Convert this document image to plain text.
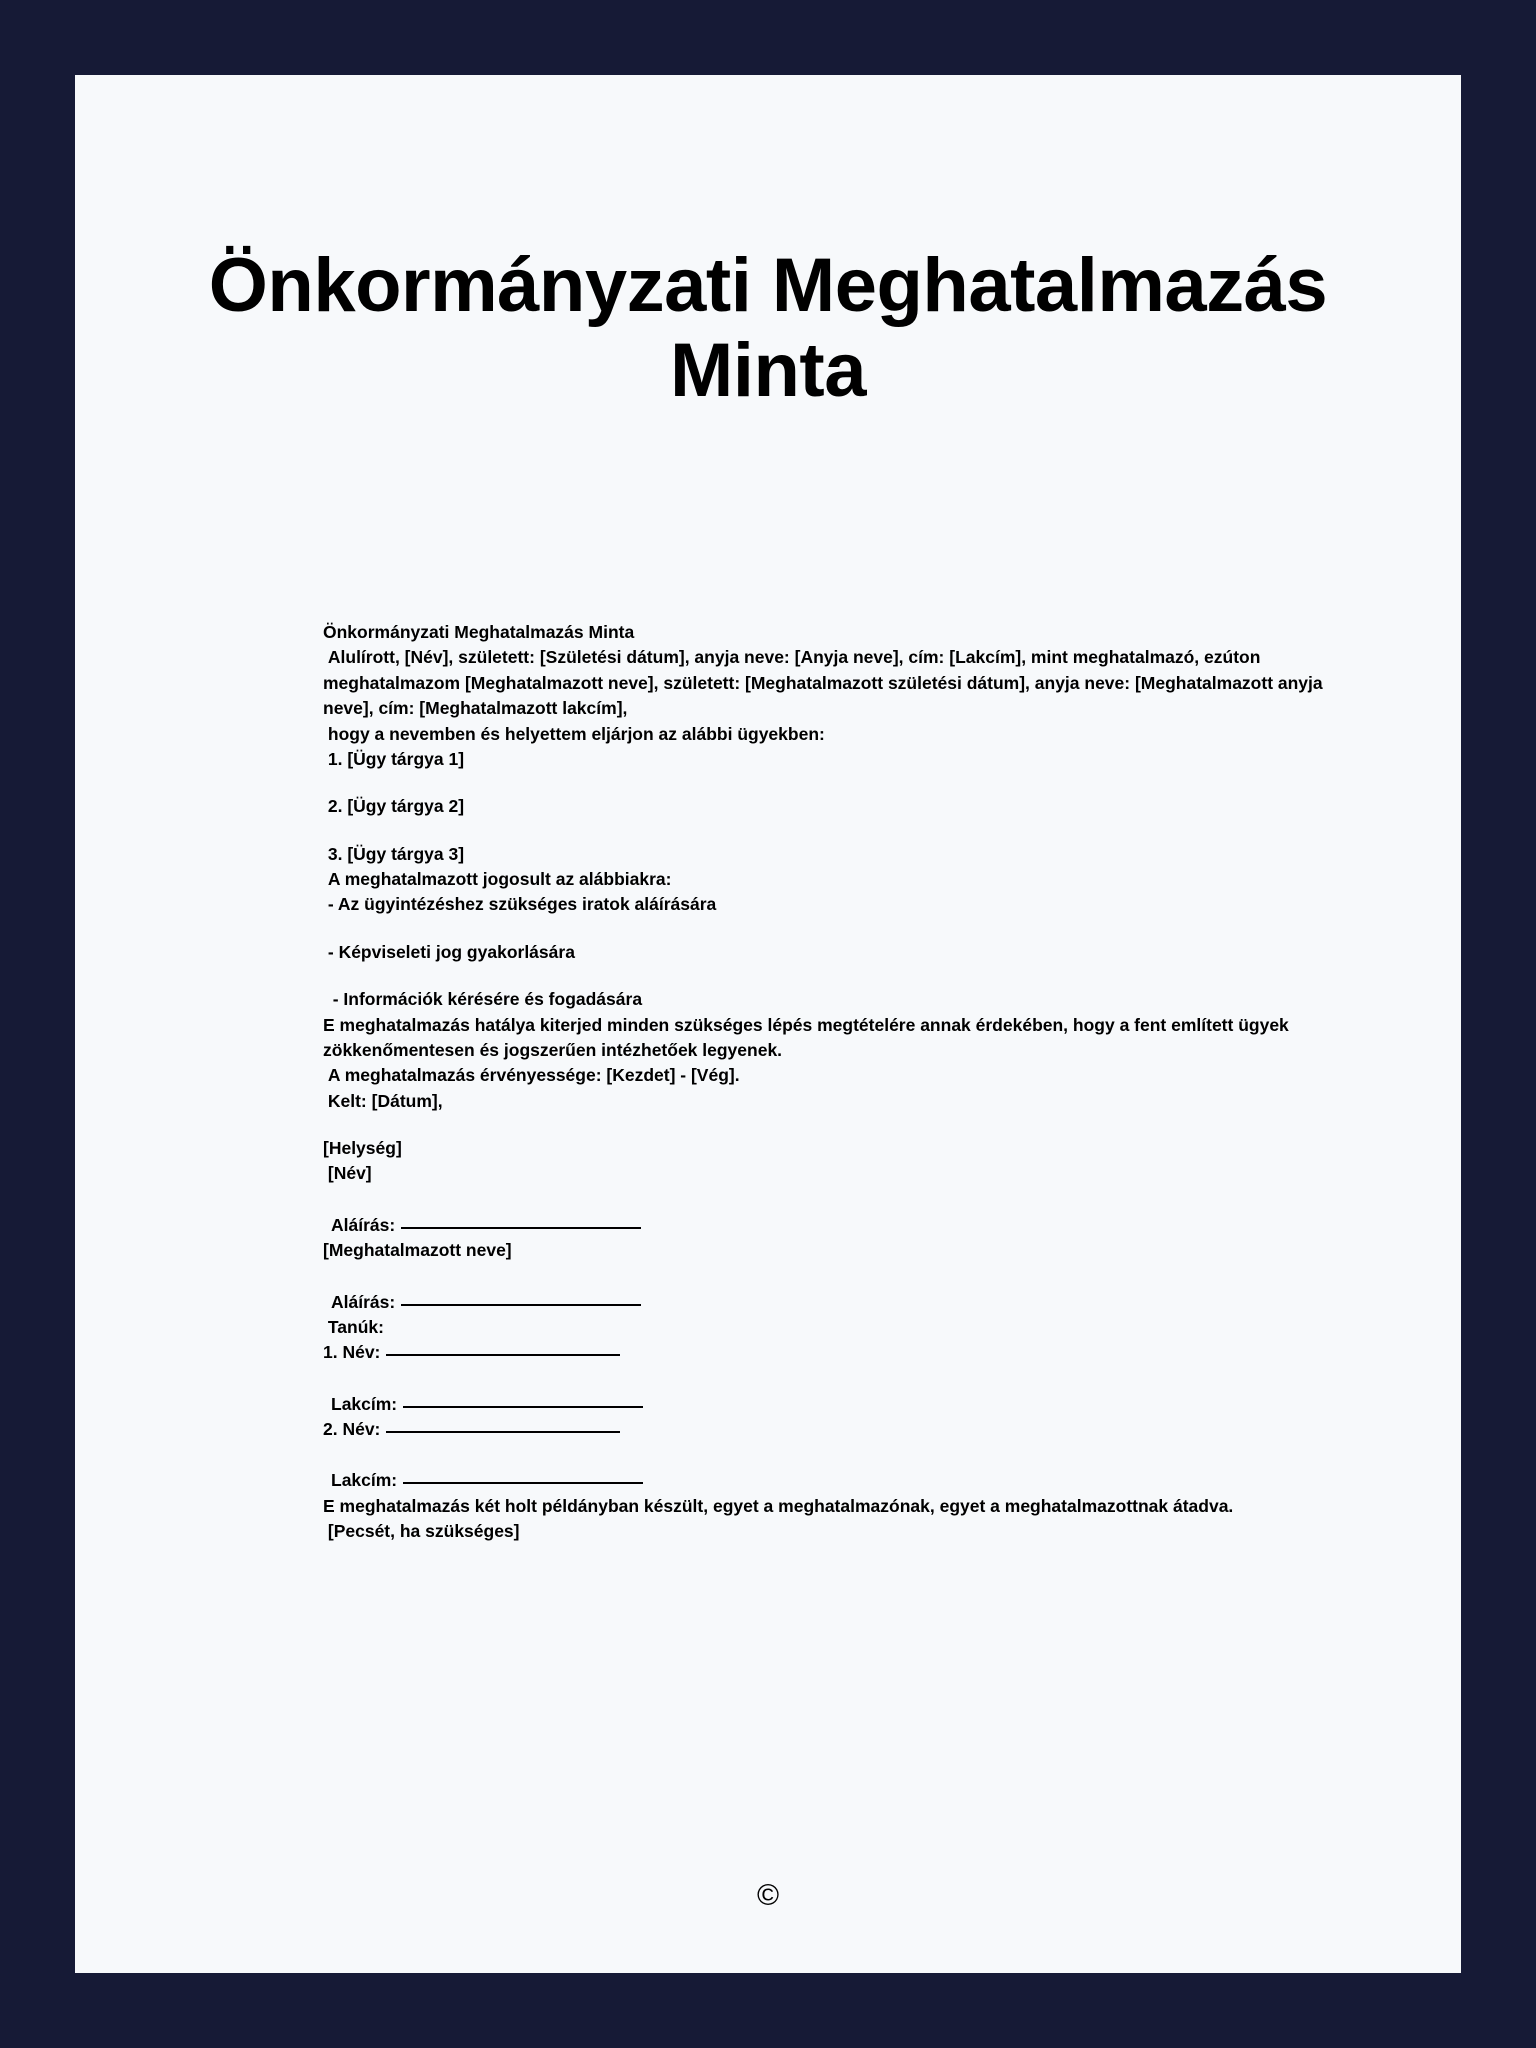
Önkormányzati Meghatalmazás Minta
Önkormányzati Meghatalmazás Minta
Alulírott, [Név], született: [Születési dátum], anyja neve: [Anyja neve], cím: [Lakcím], mint meghatalmazó, ezúton meghatalmazom [Meghatalmazott neve], született: [Meghatalmazott születési dátum], anyja neve: [Meghatalmazott anyja neve], cím: [Meghatalmazott lakcím],
hogy a nevemben és helyettem eljárjon az alábbi ügyekben:
1. [Ügy tárgya 1]
2. [Ügy tárgya 2]
3. [Ügy tárgya 3]
A meghatalmazott jogosult az alábbiakra:
- Az ügyintézéshez szükséges iratok aláírására
- Képviseleti jog gyakorlására
- Információk kérésére és fogadására
E meghatalmazás hatálya kiterjed minden szükséges lépés megtételére annak érdekében, hogy a fent említett ügyek zökkenőmentesen és jogszerűen intézhetőek legyenek.
A meghatalmazás érvényessége: [Kezdet] - [Vég].
Kelt: [Dátum],
[Helység]
[Név]
Aláírás:
[Meghatalmazott neve]
Aláírás:
Tanúk:
1. Név:
Lakcím:
2. Név:
Lakcím:
E meghatalmazás két holt példányban készült, egyet a meghatalmazónak, egyet a meghatalmazottnak átadva.
[Pecsét, ha szükséges]
©
